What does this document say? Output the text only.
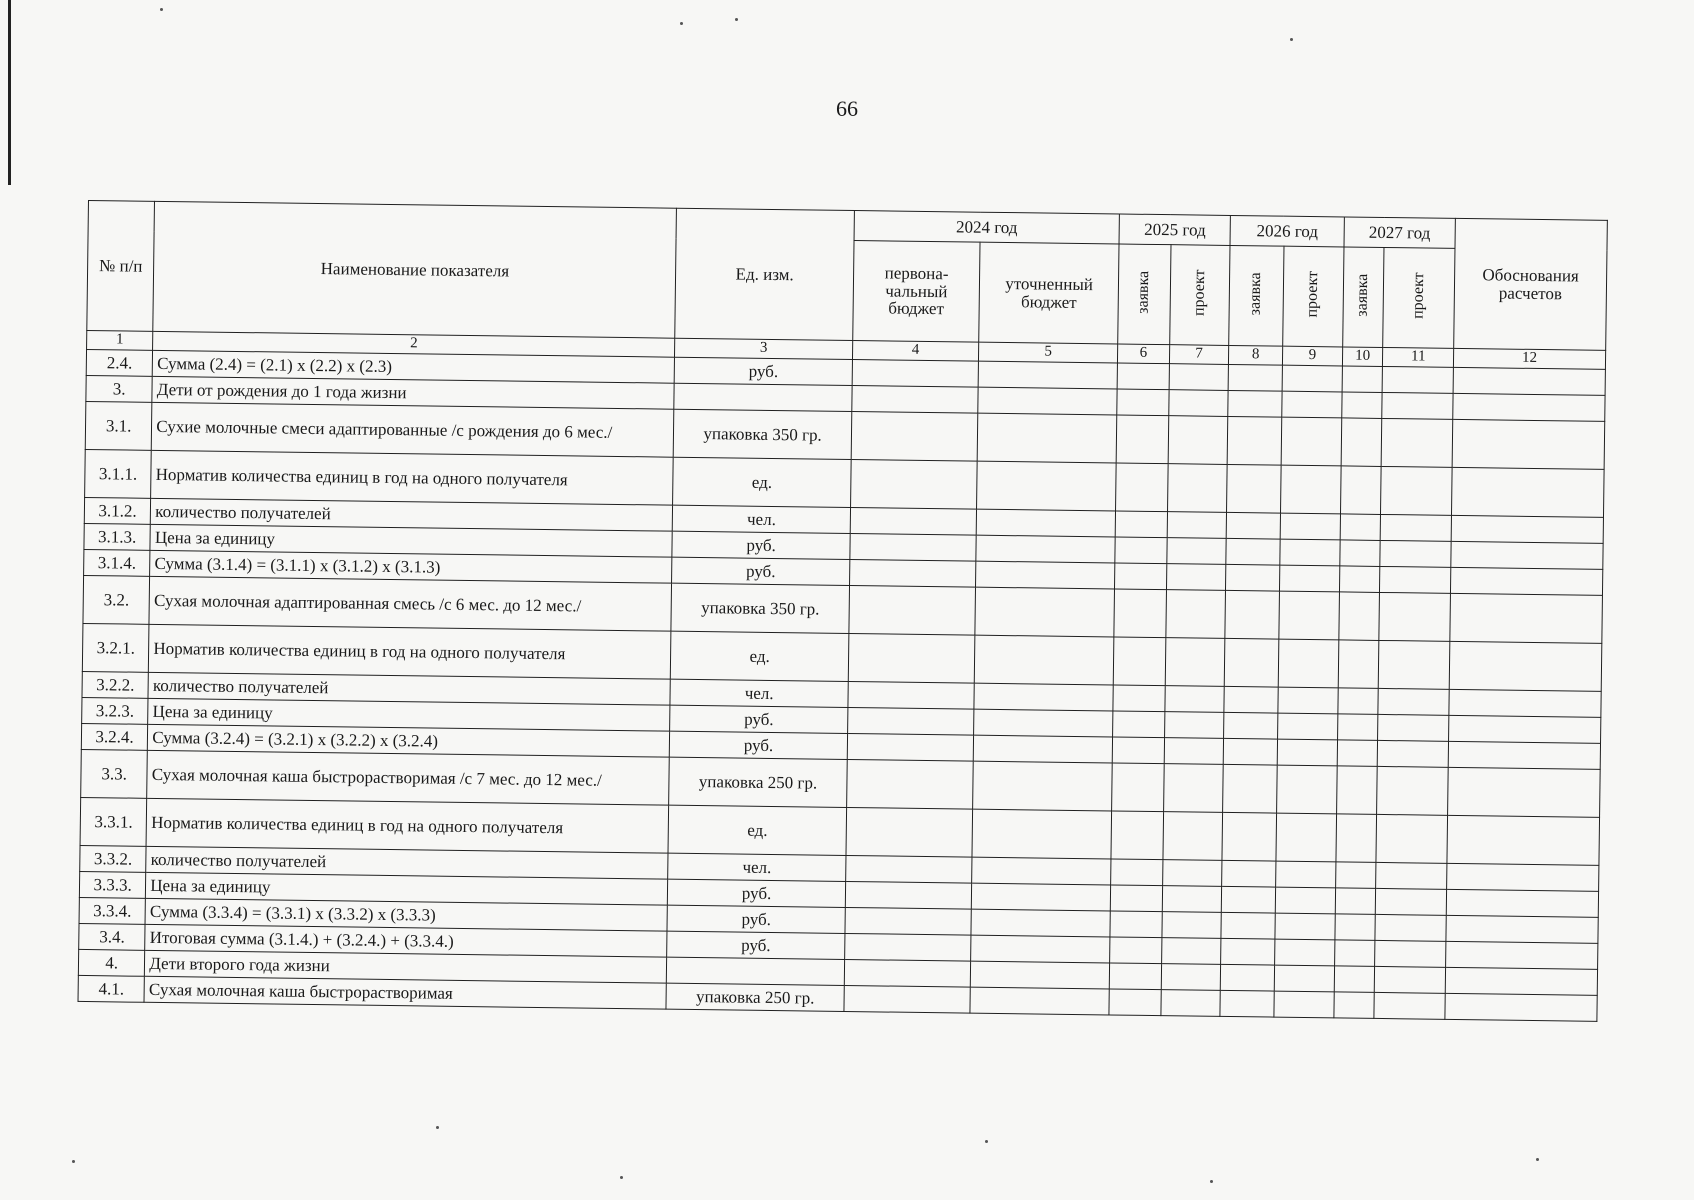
66
№ п/п	Наименование показателя	Ед. изм.	2024 год		2025 год		2026 год		2027 год		Обоснования расчетов
			первона-чальный бюджет	уточненный бюджет	заявка	проект	заявка	проект	заявка	проект	
1	2	3	4	5	6	7	8	9	10	11	12
2.4.	Сумма (2.4) = (2.1) х (2.2) х (2.3)	руб.									
3.	Дети от рождения до 1 года жизни										
3.1.	Сухие молочные смеси адаптированные /с рождения до 6 мес./	упаковка 350 гр.									
3.1.1.	Норматив количества единиц в год на одного получателя	ед.									
3.1.2.	количество получателей	чел.									
3.1.3.	Цена за единицу	руб.									
3.1.4.	Сумма (3.1.4) = (3.1.1) х (3.1.2) х (3.1.3)	руб.									
3.2.	Сухая молочная адаптированная смесь /с 6 мес. до 12 мес./	упаковка 350 гр.									
3.2.1.	Норматив количества единиц в год на одного получателя	ед.									
3.2.2.	количество получателей	чел.									
3.2.3.	Цена за единицу	руб.									
3.2.4.	Сумма (3.2.4) = (3.2.1) х (3.2.2) х (3.2.4)	руб.									
3.3.	Сухая молочная каша быстрорастворимая /с 7 мес. до 12 мес./	упаковка 250 гр.									
3.3.1.	Норматив количества единиц в год на одного получателя	ед.									
3.3.2.	количество получателей	чел.									
3.3.3.	Цена за единицу	руб.									
3.3.4.	Сумма (3.3.4) = (3.3.1) х (3.3.2) х (3.3.3)	руб.									
3.4.	Итоговая сумма (3.1.4.) + (3.2.4.) + (3.3.4.)	руб.									
4.	Дети второго года жизни										
4.1.	Сухая молочная каша быстрорастворимая	упаковка 250 гр.									
